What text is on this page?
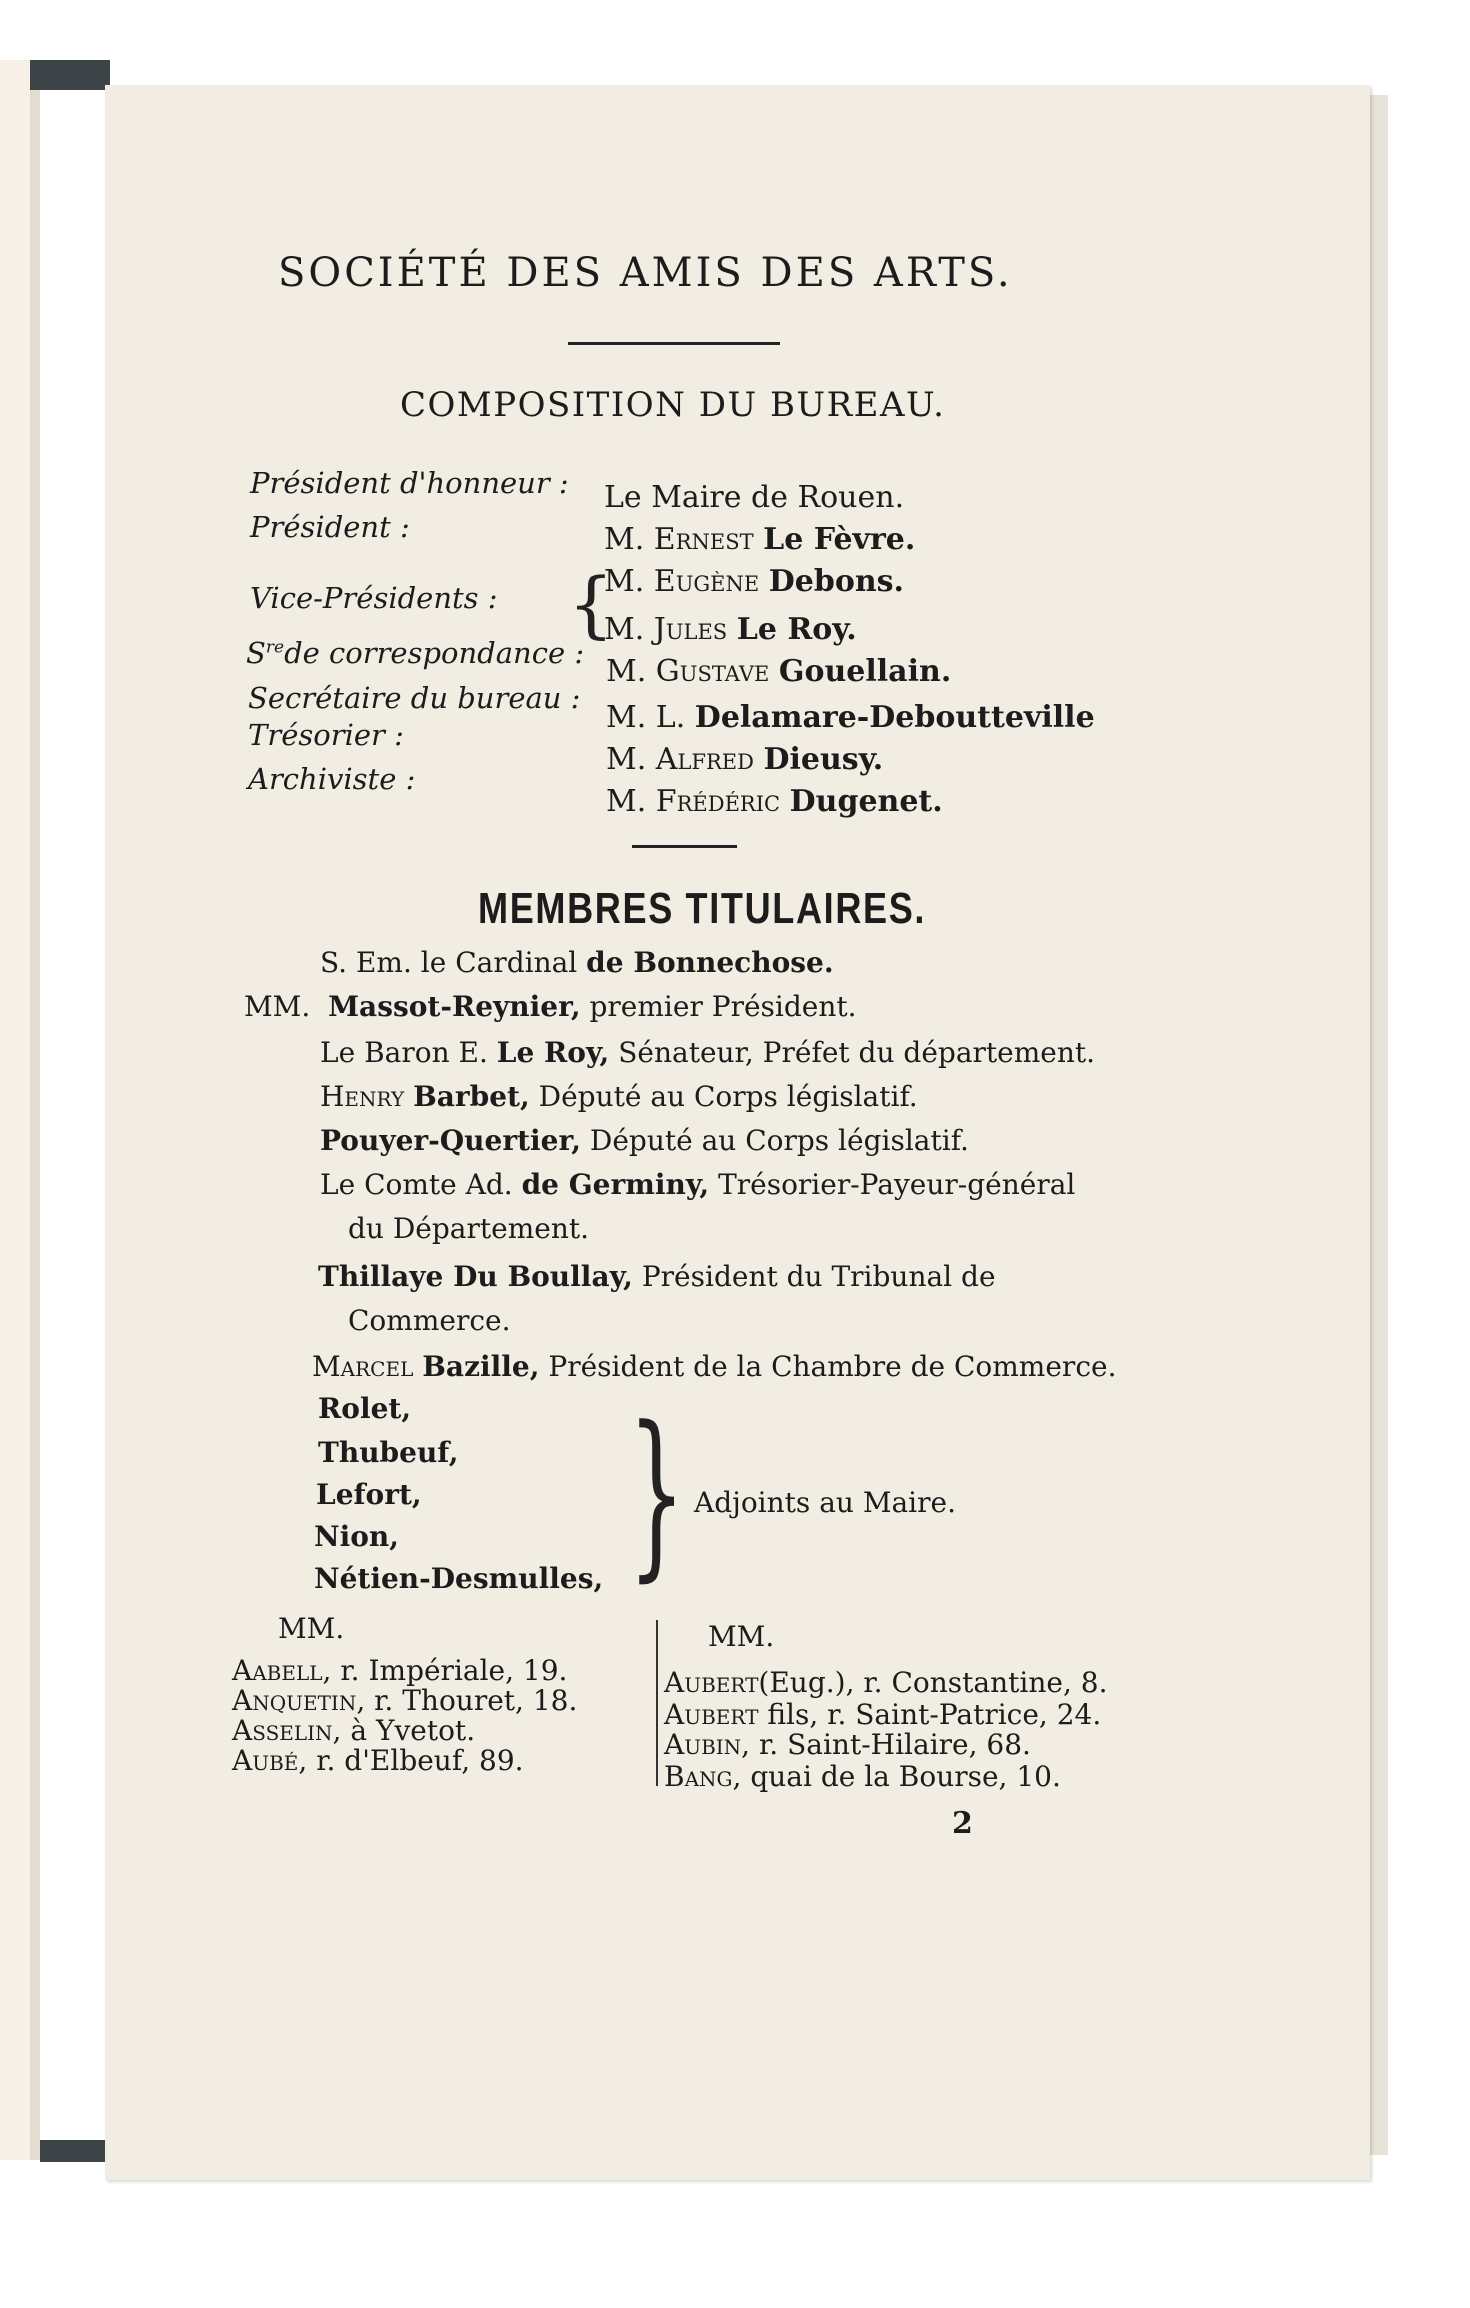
SOCIÉTÉ DES AMIS DES ARTS.
COMPOSITION DU BUREAU.
Président d'honneur :
Président :
Vice-Présidents :
$S^{re}de$ correspondance :
Secrétaire du bureau :
Trésorier :
Archiviste :
Le Maire de Rouen.
M. Ernest Le Fèvre.
{
M. Eugène Debons.
M. Jules Le Roy.
M. Gustave Gouellain.
M. L. Delamare-Deboutteville
M. Alfred Dieusy.
M. Frédéric Dugenet.
MEMBRES TITULAIRES.
S. Em. le Cardinal de Bonnechose.
MM. Massot-Reynier, premier Président.
Le Baron E. Le Roy, Sénateur, Préfet du département.
Henry Barbet, Député au Corps législatif.
Pouyer-Quertier, Député au Corps législatif.
Le Comte Ad. de Germiny, Trésorier-Payeur-général
du Département.
Thillaye Du Boullay, Président du Tribunal de
Commerce.
Marcel Bazille, Président de la Chambre de Commerce.
Rolet,
Thubeuf,
Lefort,
Nion,
Nétien-Desmulles, } Adjoints au Maire.
MM.	MM.
Aabell, r. Impériale, 19.
Anquetin, r. Thouret, 18.
Asselin, à Yvetot.
Aubé, r. d'Elbeuf, 89.
Aubert(Eug.), r. Constantine, 8.
Aubert fils, r. Saint-Patrice, 24.
Aubin, r. Saint-Hilaire, 68.
Bang, quai de la Bourse, 10.
2
